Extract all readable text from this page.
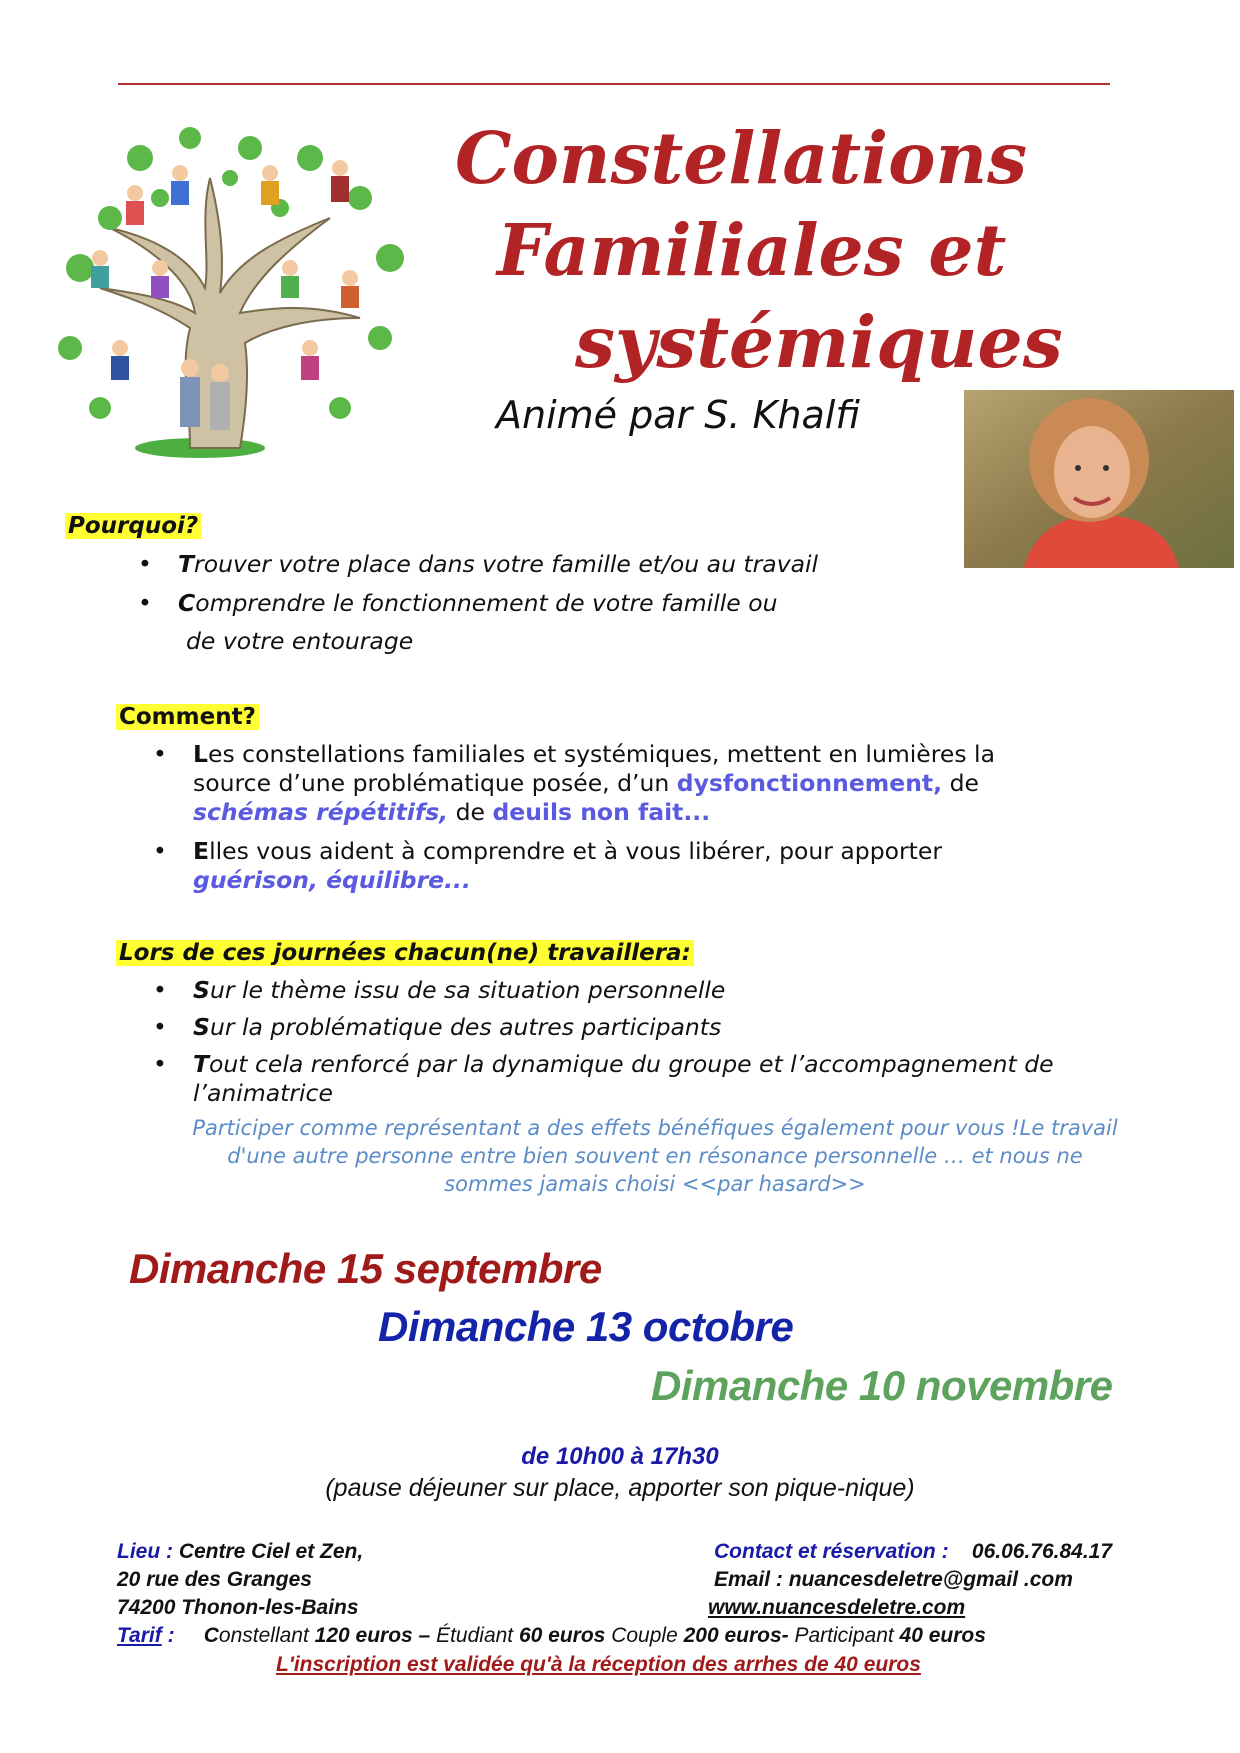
Constellations
Familiales et
systémiques
Animé par S. Khalfi
Pourquoi?
• Trouver votre place dans votre famille et/ou au travail
• Comprendre le fonctionnement de votre famille ou
de votre entourage
Comment?
• Les constellations familiales et systémiques, mettent en lumières la source d’une problématique posée, d’un dysfonctionnement, de schémas répétitifs, de deuils non fait...
• Elles vous aident à comprendre et à vous libérer, pour apporter guérison, équilibre...
Lors de ces journées chacun(ne) travaillera:
• Sur le thème issu de sa situation personnelle
• Sur la problématique des autres participants
• Tout cela renforcé par la dynamique du groupe et l’accompagnement de l’animatrice
Participer comme représentant a des effets bénéfiques également pour vous !Le travail d'une autre personne entre bien souvent en résonance personnelle … et nous ne sommes jamais choisi <<par hasard>>
Dimanche 15 septembre
Dimanche 13 octobre
Dimanche 10 novembre
de 10h00 à 17h30
(pause déjeuner sur place, apporter son pique-nique)
Lieu : Centre Ciel et Zen,
20 rue des Granges
74200 Thonon-les-Bains
Contact et réservation : 06.06.76.84.17
Email : nuancesdeletre@gmail .com
www.nuancesdeletre.com
Tarif : Constellant 120 euros – Étudiant 60 euros Couple 200 euros- Participant 40 euros
L'inscription est validée qu'à la réception des arrhes de 40 euros
